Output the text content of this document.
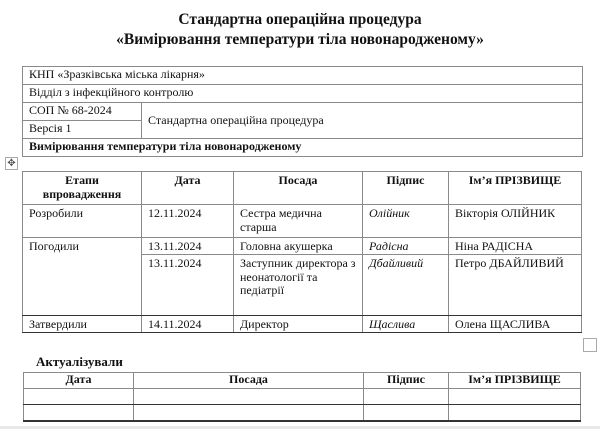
Стандартна операційна процедура
«Вимірювання температури тіла новонародженому»
КНП «Зразківська міська лікарня»
Відділ з інфекційного контролю
СОП № 68-2024	Стандартна операційна процедура
Версія 1
Вимірювання температури тіла новонародженому
✥
Етапи впровадження	Дата	Посада	Підпис	Ім’я ПРІЗВИЩЕ
Розробили	12.11.2024	Сестра медична старша	Олійник	Вікторія ОЛІЙНИК
Погодили	13.11.2024	Головна акушерка	Радісна	Ніна РАДІСНА
	13.11.2024	Заступник директора з неонатології та педіатрії	Дбайливий	Петро ДБАЙЛИВИЙ
Затвердили	14.11.2024	Директор	Щаслива	Олена ЩАСЛИВА
Актуалізували
Дата	Посада	Підпис	Ім’я ПРІЗВИЩЕ
